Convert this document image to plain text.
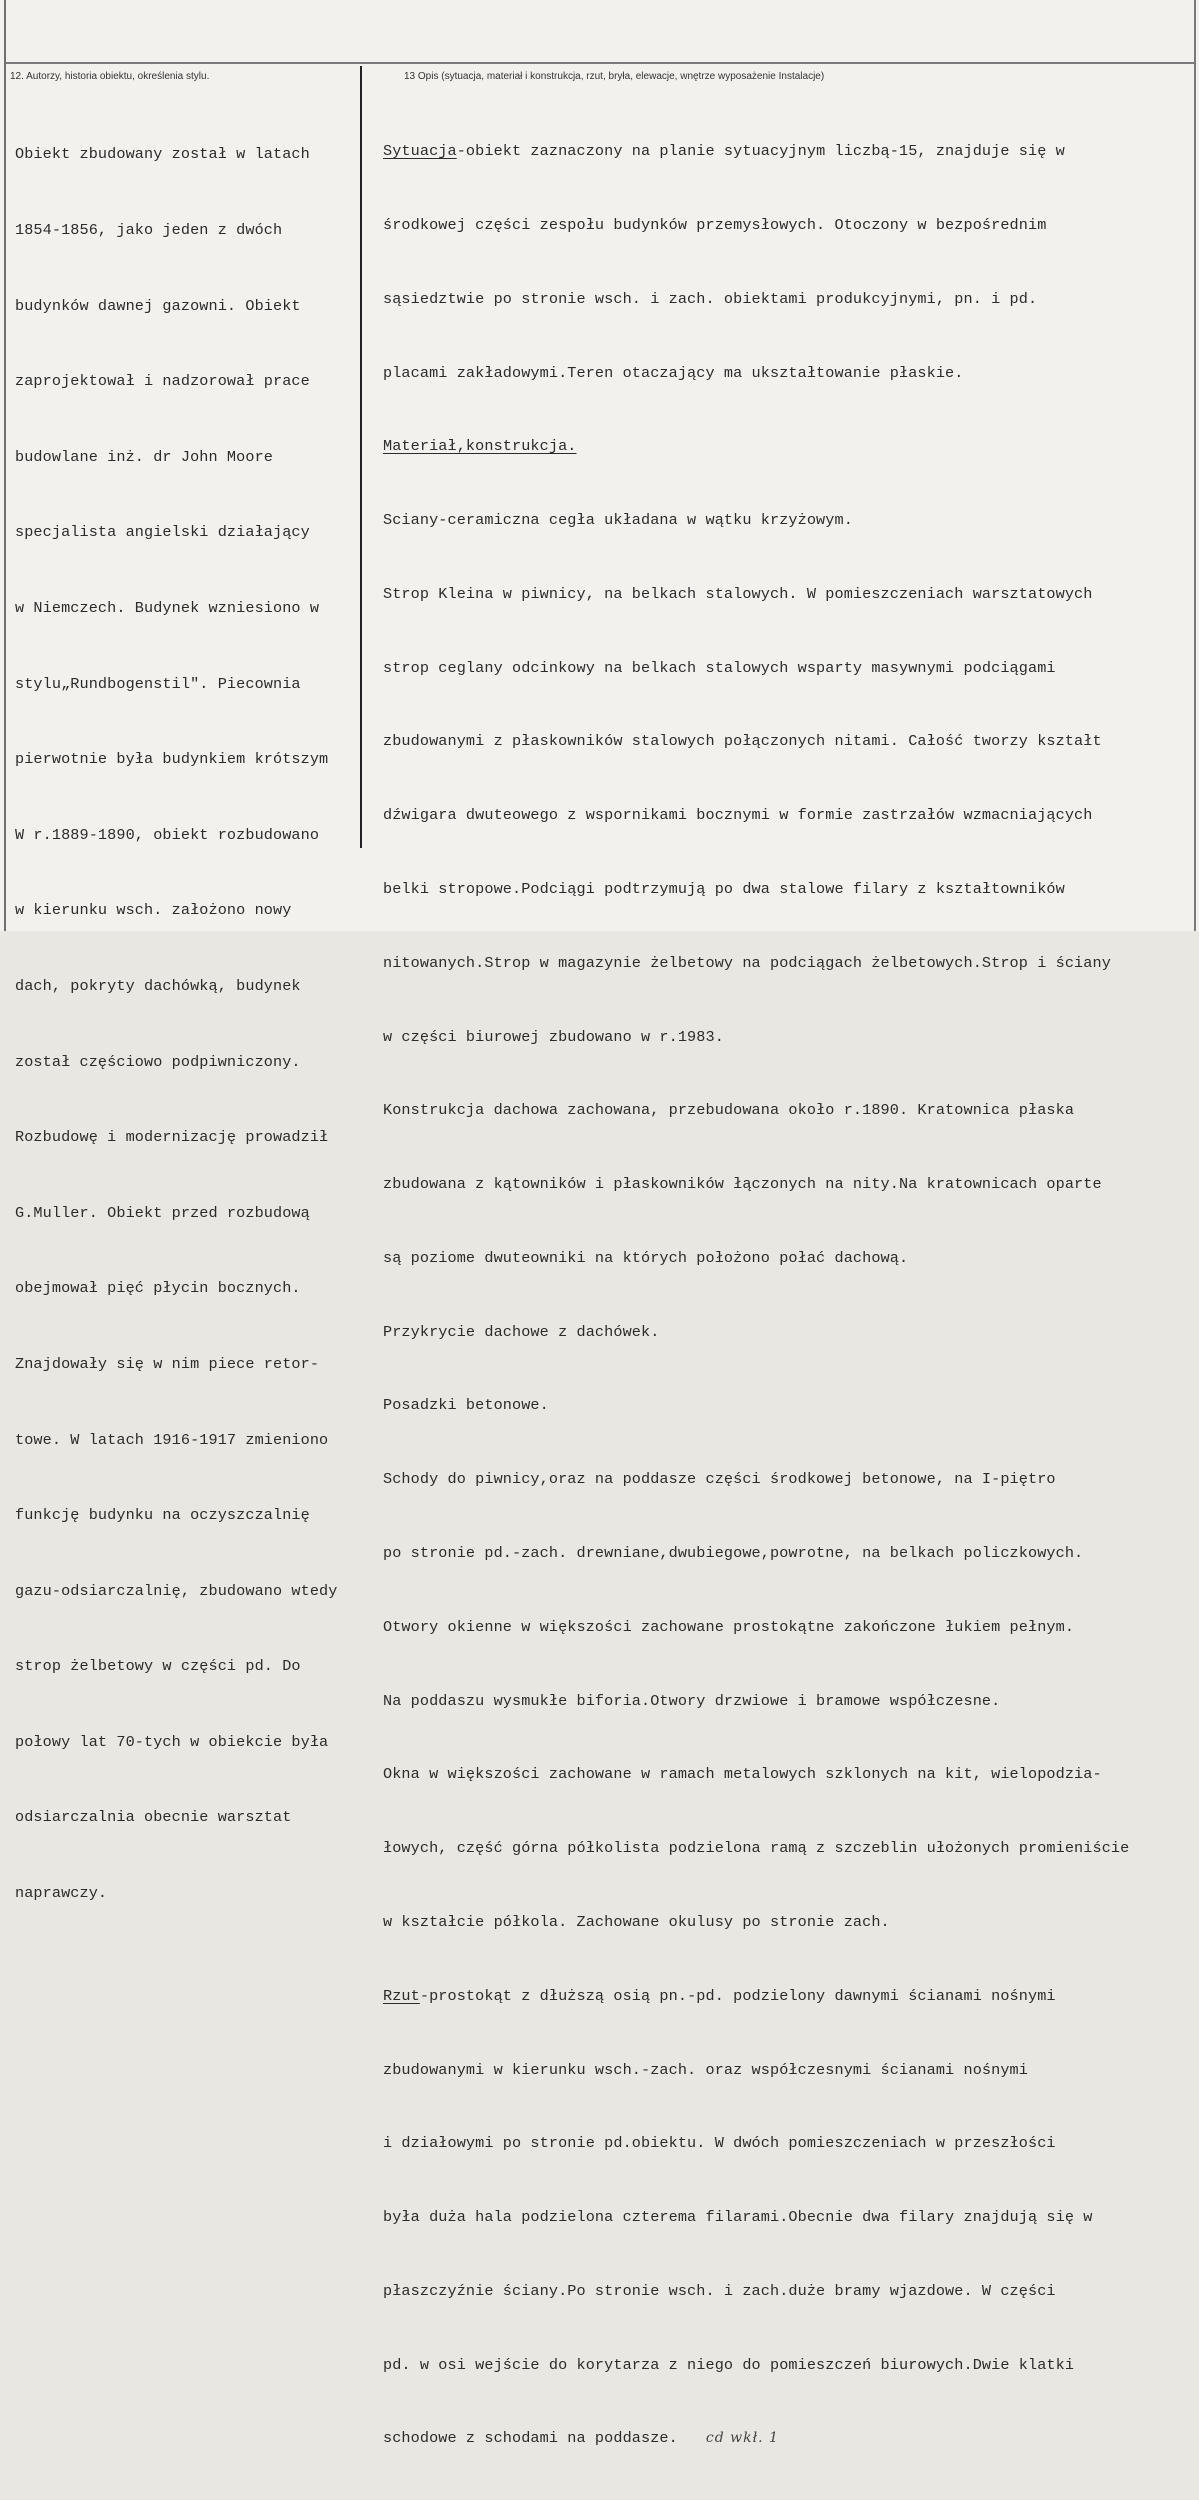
12. Autorzy, historia obiektu, określenia stylu.	13 Opis (sytuacja, materiał i konstrukcja, rzut, bryła, elewacje, wnętrze wyposażenie Instalacje)

Obiekt zbudowany został w latach

1854-1856, jako jeden z dwóch

budynków dawnej gazowni. Obiekt

zaprojektował i nadzorował prace

budowlane inż. dr John Moore

specjalista angielski działający

w Niemczech. Budynek wzniesiono w

stylu„Rundbogenstil". Piecownia

pierwotnie była budynkiem krótszym

W r.1889-1890, obiekt rozbudowano

w kierunku wsch. założono nowy

dach, pokryty dachówką, budynek

został częściowo podpiwniczony.

Rozbudowę i modernizację prowadził

G.Muller. Obiekt przed rozbudową

obejmował pięć płycin bocznych.

Znajdowały się w nim piece retor-

towe. W latach 1916-1917 zmieniono

funkcję budynku na oczyszczalnię

gazu-odsiarczalnię, zbudowano wtedy

strop żelbetowy w części pd. Do

połowy lat 70-tych w obiekcie była

odsiarczalnia obecnie warsztat

naprawczy.

Sytuacja-obiekt zaznaczony na planie sytuacyjnym liczbą-15, znajduje się w

środkowej części zespołu budynków przemysłowych. Otoczony w bezpośrednim

sąsiedztwie po stronie wsch. i zach. obiektami produkcyjnymi, pn. i pd.

placami zakładowymi.Teren otaczający ma ukształtowanie płaskie.

Materiał,konstrukcja.

Sciany-ceramiczna cegła układana w wątku krzyżowym.

Strop Kleina w piwnicy, na belkach stalowych. W pomieszczeniach warsztatowych

strop ceglany odcinkowy na belkach stalowych wsparty masywnymi podciągami

zbudowanymi z płaskowników stalowych połączonych nitami. Całość tworzy kształt

dźwigara dwuteowego z wspornikami bocznymi w formie zastrzałów wzmacniających

belki stropowe.Podciągi podtrzymują po dwa stalowe filary z kształtowników

nitowanych.Strop w magazynie żelbetowy na podciągach żelbetowych.Strop i ściany

w części biurowej zbudowano w r.1983.

Konstrukcja dachowa zachowana, przebudowana około r.1890. Kratownica płaska

zbudowana z kątowników i płaskowników łączonych na nity.Na kratownicach oparte

są poziome dwuteowniki na których położono połać dachową.

Przykrycie dachowe z dachówek.

Posadzki betonowe.

Schody do piwnicy,oraz na poddasze części środkowej betonowe, na I-piętro

po stronie pd.-zach. drewniane,dwubiegowe,powrotne, na belkach policzkowych.

Otwory okienne w większości zachowane prostokątne zakończone łukiem pełnym.

Na poddaszu wysmukłe biforia.Otwory drzwiowe i bramowe współczesne.

Okna w większości zachowane w ramach metalowych szklonych na kit, wielopodzia-

łowych, część górna półkolista podzielona ramą z szczeblin ułożonych promieniście

w kształcie półkola. Zachowane okulusy po stronie zach.

Rzut-prostokąt z dłuższą osią pn.-pd. podzielony dawnymi ścianami nośnymi

zbudowanymi w kierunku wsch.-zach. oraz współczesnymi ścianami nośnymi

i działowymi po stronie pd.obiektu. W dwóch pomieszczeniach w przeszłości

była duża hala podzielona czterema filarami.Obecnie dwa filary znajdują się w

płaszczyźnie ściany.Po stronie wsch. i zach.duże bramy wjazdowe. W części

pd. w osi wejście do korytarza z niego do pomieszczeń biurowych.Dwie klatki

schodowe z schodami na poddasze. cd wkł. 1
